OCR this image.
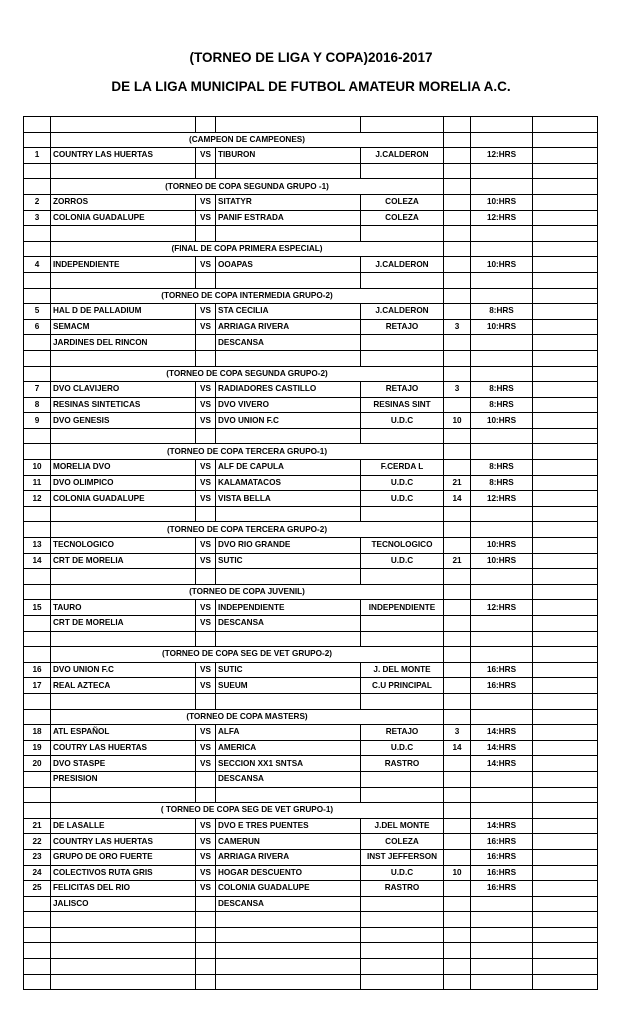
(TORNEO DE LIGA Y COPA)2016-2017
DE LA LIGA MUNICIPAL DE FUTBOL AMATEUR MORELIA A.C.

	(CAMPEON DE CAMPEONES)						
1	COUNTRY LAS HUERTAS	VS	TIBURON	J.CALDERON		12:HRS	

	(TORNEO DE COPA SEGUNDA GRUPO -1)						
2	ZORROS	VS	SITATYR	COLEZA		10:HRS	
3	COLONIA GUADALUPE	VS	PANIF ESTRADA	COLEZA		12:HRS	

	(FINAL DE COPA PRIMERA ESPECIAL)						
4	INDEPENDIENTE	VS	OOAPAS	J.CALDERON		10:HRS	

	(TORNEO DE COPA INTERMEDIA GRUPO-2)						
5	HAL D DE PALLADIUM	VS	STA CECILIA	J.CALDERON		8:HRS	
6	SEMACM	VS	ARRIAGA RIVERA	RETAJO	3	10:HRS	
	JARDINES DEL RINCON		DESCANSA				

	(TORNEO DE COPA SEGUNDA GRUPO-2)						
7	DVO CLAVIJERO	VS	RADIADORES CASTILLO	RETAJO	3	8:HRS	
8	RESINAS SINTETICAS	VS	DVO VIVERO	RESINAS SINT		8:HRS	
9	DVO GENESIS	VS	DVO UNION F.C	U.D.C	10	10:HRS	

	(TORNEO DE COPA TERCERA GRUPO-1)						
10	MORELIA DVO	VS	ALF DE CAPULA	F.CERDA L		8:HRS	
11	DVO OLIMPICO	VS	KALAMATACOS	U.D.C	21	8:HRS	
12	COLONIA GUADALUPE	VS	VISTA BELLA	U.D.C	14	12:HRS	

	(TORNEO DE COPA TERCERA GRUPO-2)						
13	TECNOLOGICO	VS	DVO RIO GRANDE	TECNOLOGICO		10:HRS	
14	CRT DE MORELIA	VS	SUTIC	U.D.C	21	10:HRS	

	(TORNEO DE COPA JUVENIL)						
15	TAURO	VS	INDEPENDIENTE	INDEPENDIENTE		12:HRS	
	CRT DE MORELIA	VS	DESCANSA				

	(TORNEO DE COPA SEG DE VET GRUPO-2)						
16	DVO UNION F.C	VS	SUTIC	J. DEL MONTE		16:HRS	
17	REAL AZTECA	VS	SUEUM	C.U PRINCIPAL		16:HRS	

	(TORNEO DE COPA MASTERS)						
18	ATL ESPAÑOL	VS	ALFA	RETAJO	3	14:HRS	
19	COUTRY LAS HUERTAS	VS	AMERICA	U.D.C	14	14:HRS	
20	DVO STASPE	VS	SECCION XX1 SNTSA	RASTRO		14:HRS	
	PRESISION		DESCANSA				

	( TORNEO DE COPA SEG DE VET GRUPO-1)						
21	DE LASALLE	VS	DVO E TRES PUENTES	J.DEL MONTE		14:HRS	
22	COUNTRY LAS HUERTAS	VS	CAMERUN	COLEZA		16:HRS	
23	GRUPO DE ORO FUERTE	VS	ARRIAGA RIVERA	INST JEFFERSON		16:HRS	
24	COLECTIVOS RUTA GRIS	VS	HOGAR DESCUENTO	U.D.C	10	16:HRS	
25	FELICITAS DEL RIO	VS	COLONIA GUADALUPE	RASTRO		16:HRS	
	JALISCO		DESCANSA				
